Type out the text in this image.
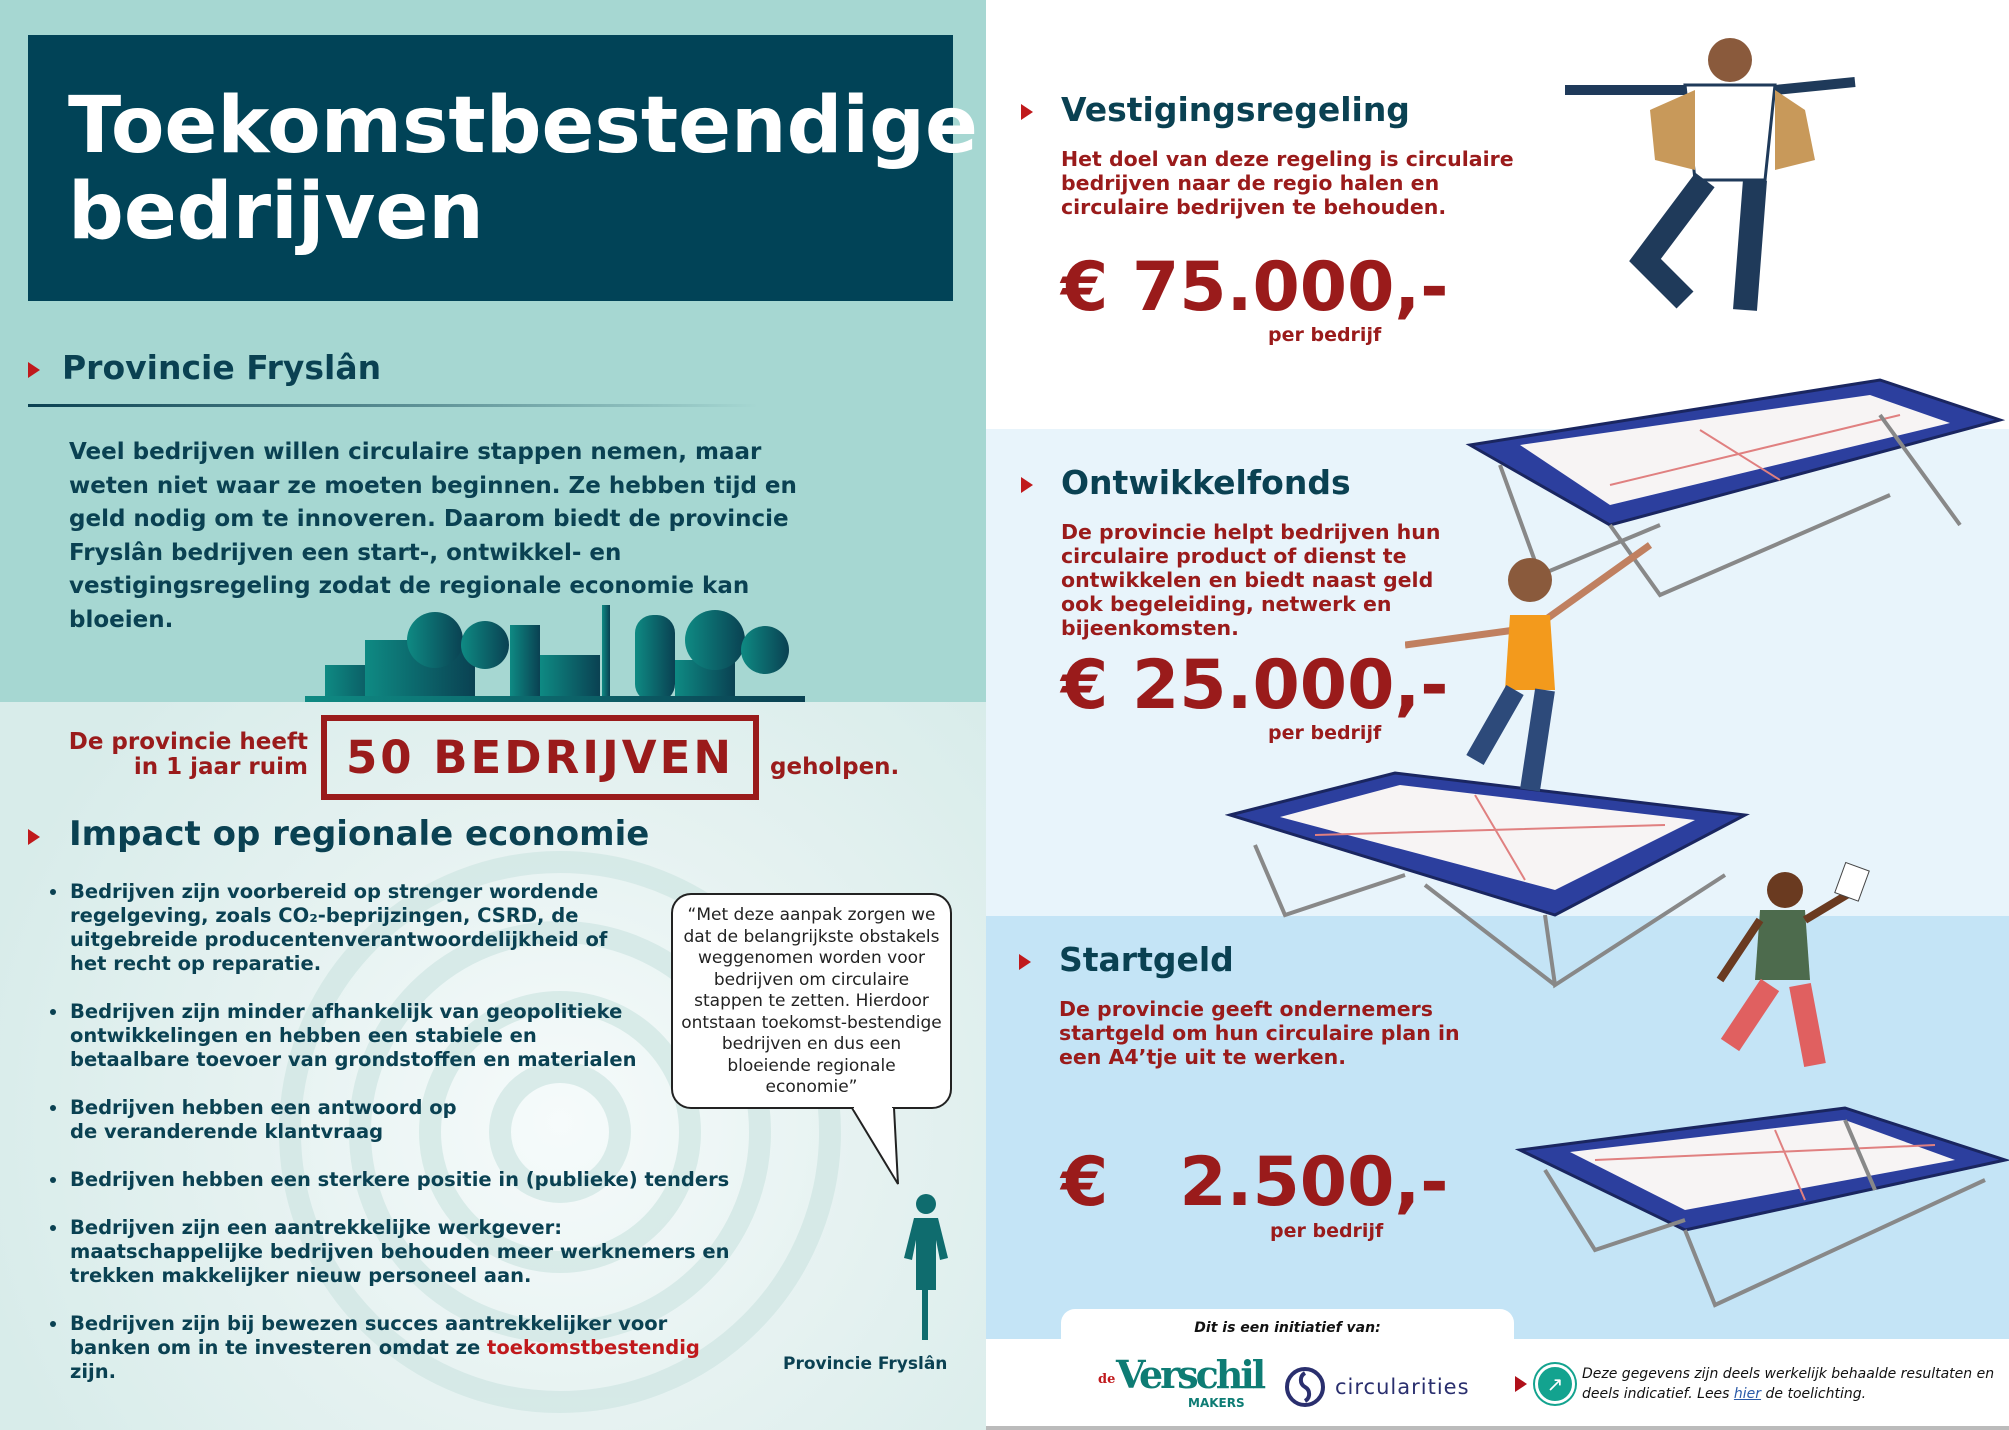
Toekomstbestendige bedrijven
Provincie Fryslân
Veel bedrijven willen circulaire stappen nemen, maar weten niet waar ze moeten beginnen. Ze hebben tijd en geld nodig om te innoveren. Daarom biedt de provincie Fryslân bedrijven een start-, ontwikkel- en vestigingsregeling zodat de regionale economie kan bloeien.
De provincie heeft
in 1 jaar ruim 50 BEDRIJVEN	geholpen.
Impact op regionale economie
Bedrijven zijn voorbereid op strenger wordende regelgeving, zoals CO₂-beprijzingen, CSRD, de uitgebreide producentenverantwoordelijkheid of het recht op reparatie.
Bedrijven zijn minder afhankelijk van geopolitieke ontwikkelingen en hebben een stabiele en betaalbare toevoer van grondstoffen en materialen
Bedrijven hebben een antwoord op de veranderende klantvraag
Bedrijven hebben een sterkere positie in (publieke) tenders
Bedrijven zijn een aantrekkelijke werkgever: maatschappelijke bedrijven behouden meer werknemers en trekken makkelijker nieuw personeel aan.
Bedrijven zijn bij bewezen succes aantrekkelijker voor banken om in te investeren omdat ze toekomstbestendig zijn.
“Met deze aanpak zorgen we dat de belangrijkste obstakels weggenomen worden voor bedrijven om circulaire stappen te zetten. Hierdoor ontstaan toekomst-bestendige bedrijven en dus een bloeiende regionale economie”
Provincie Fryslân
Vestigingsregeling
Het doel van deze regeling is circulaire bedrijven naar de regio halen en circulaire bedrijven te behouden.
€ 75.000,-
per bedrijf
Ontwikkelfonds
De provincie helpt bedrijven hun circulaire product of dienst te ontwikkelen en biedt naast geld ook begeleiding, netwerk en bijeenkomsten.
€ 25.000,-
per bedrijf
Startgeld
De provincie geeft ondernemers startgeld om hun circulaire plan in een A4’tje uit te werken.
€   2.500,-
per bedrijf
Dit is een initiatief van:
de Verschil
MAKERS
circularities	↗	Deze gegevens zijn deels werkelijk behaalde resultaten en deels indicatief. Lees hier de toelichting.
